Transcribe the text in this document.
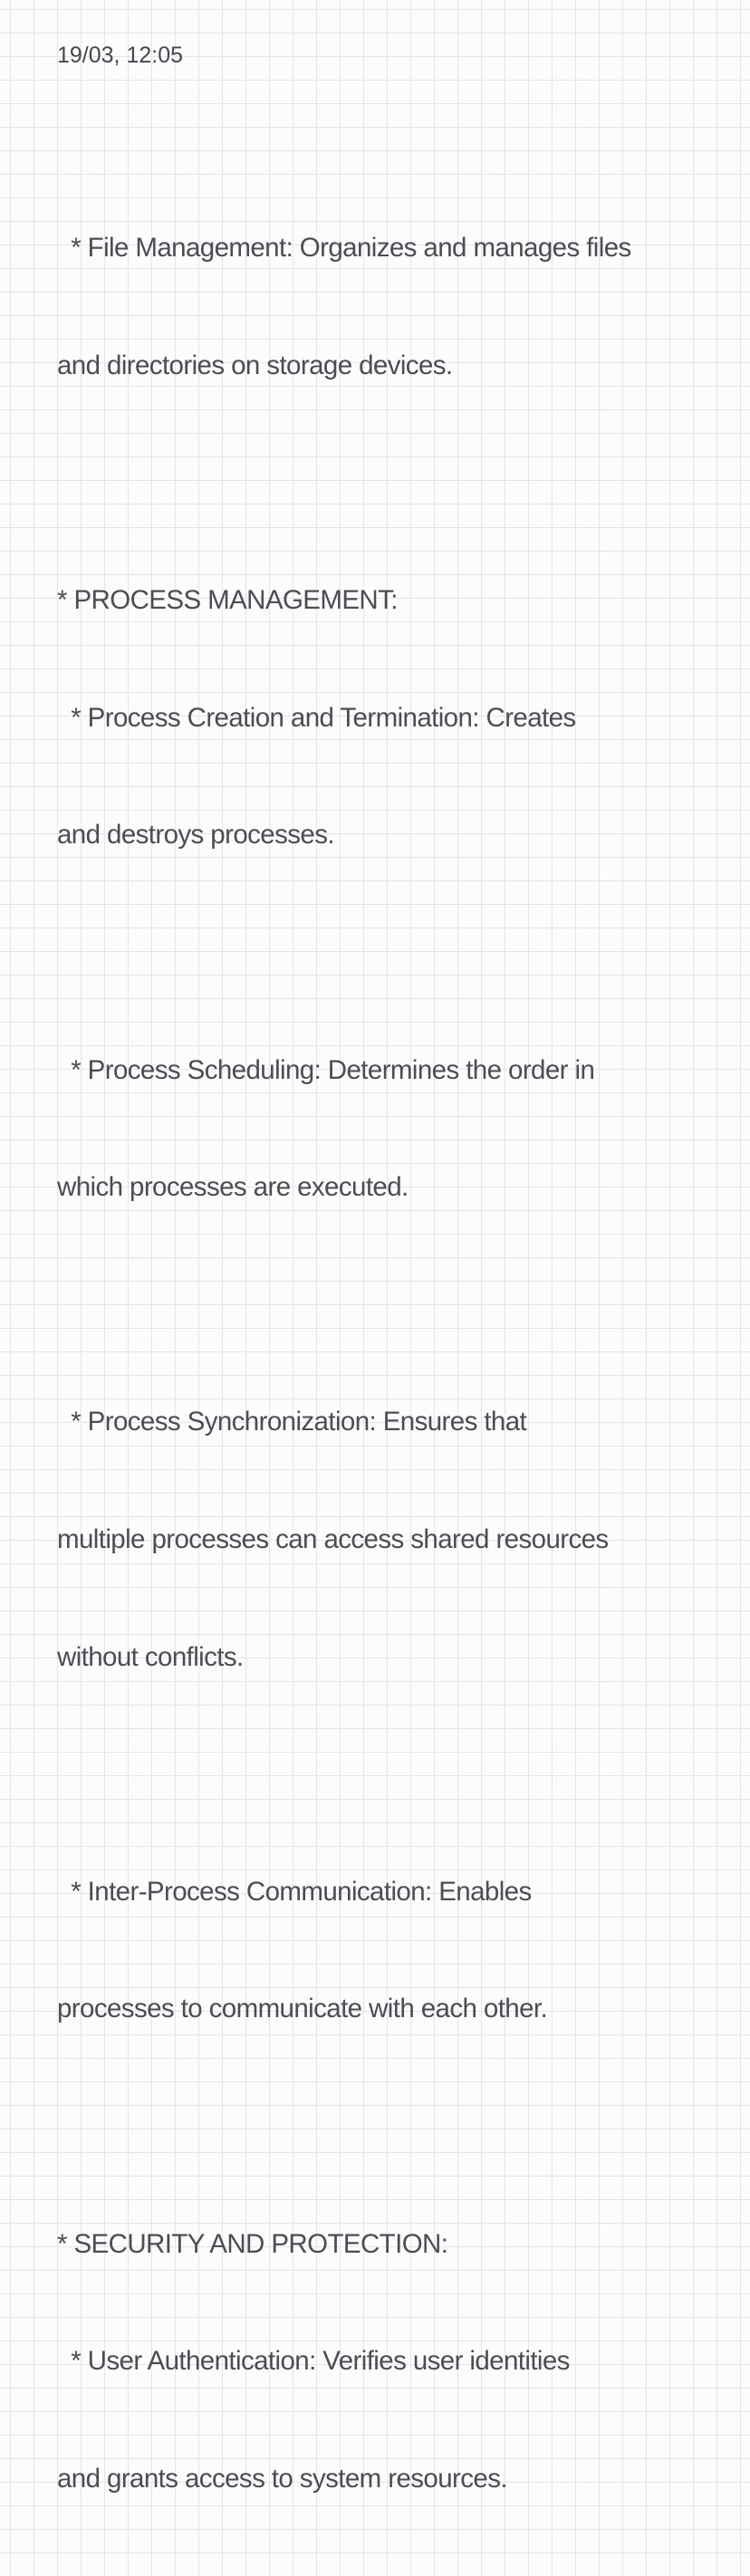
19/03, 12:05

* File Management: Organizes and manages files

and directories on storage devices.

* PROCESS MANAGEMENT:

* Process Creation and Termination: Creates

and destroys processes.

* Process Scheduling: Determines the order in

which processes are executed.

* Process Synchronization: Ensures that

multiple processes can access shared resources

without conflicts.

* Inter-Process Communication: Enables

processes to communicate with each other.

* SECURITY AND PROTECTION:

* User Authentication: Verifies user identities

and grants access to system resources.
